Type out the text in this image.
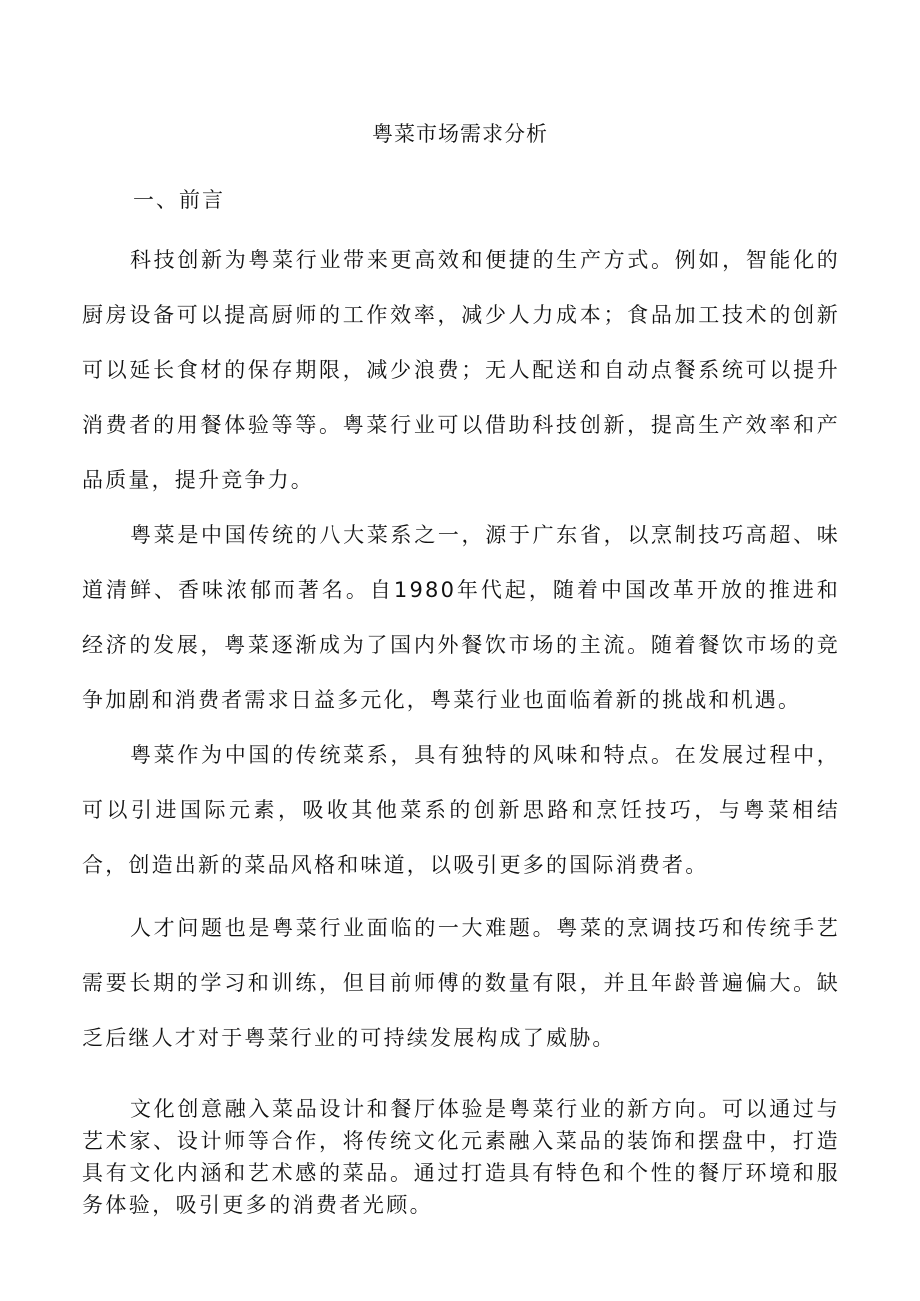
粤菜市场需求分析
一、前言

科技创新为粤菜行业带来更高效和便捷的生产方式。例如，智能化的厨房设备可以提高厨师的工作效率，减少人力成本；食品加工技术的创新可以延长食材的保存期限，减少浪费；无人配送和自动点餐系统可以提升消费者的用餐体验等等。粤菜行业可以借助科技创新，提高生产效率和产品质量，提升竞争力。

粤菜是中国传统的八大菜系之一，源于广东省，以烹制技巧高超、味道清鲜、香味浓郁而著名。自1980年代起，随着中国改革开放的推进和经济的发展，粤菜逐渐成为了国内外餐饮市场的主流。随着餐饮市场的竞争加剧和消费者需求日益多元化，粤菜行业也面临着新的挑战和机遇。

粤菜作为中国的传统菜系，具有独特的风味和特点。在发展过程中，可以引进国际元素，吸收其他菜系的创新思路和烹饪技巧，与粤菜相结合，创造出新的菜品风格和味道，以吸引更多的国际消费者。

人才问题也是粤菜行业面临的一大难题。粤菜的烹调技巧和传统手艺需要长期的学习和训练，但目前师傅的数量有限，并且年龄普遍偏大。缺乏后继人才对于粤菜行业的可持续发展构成了威胁。

文化创意融入菜品设计和餐厅体验是粤菜行业的新方向。可以通过与艺术家、设计师等合作，将传统文化元素融入菜品的装饰和摆盘中，打造具有文化内涵和艺术感的菜品。通过打造具有特色和个性的餐厅环境和服务体验，吸引更多的消费者光顾。
